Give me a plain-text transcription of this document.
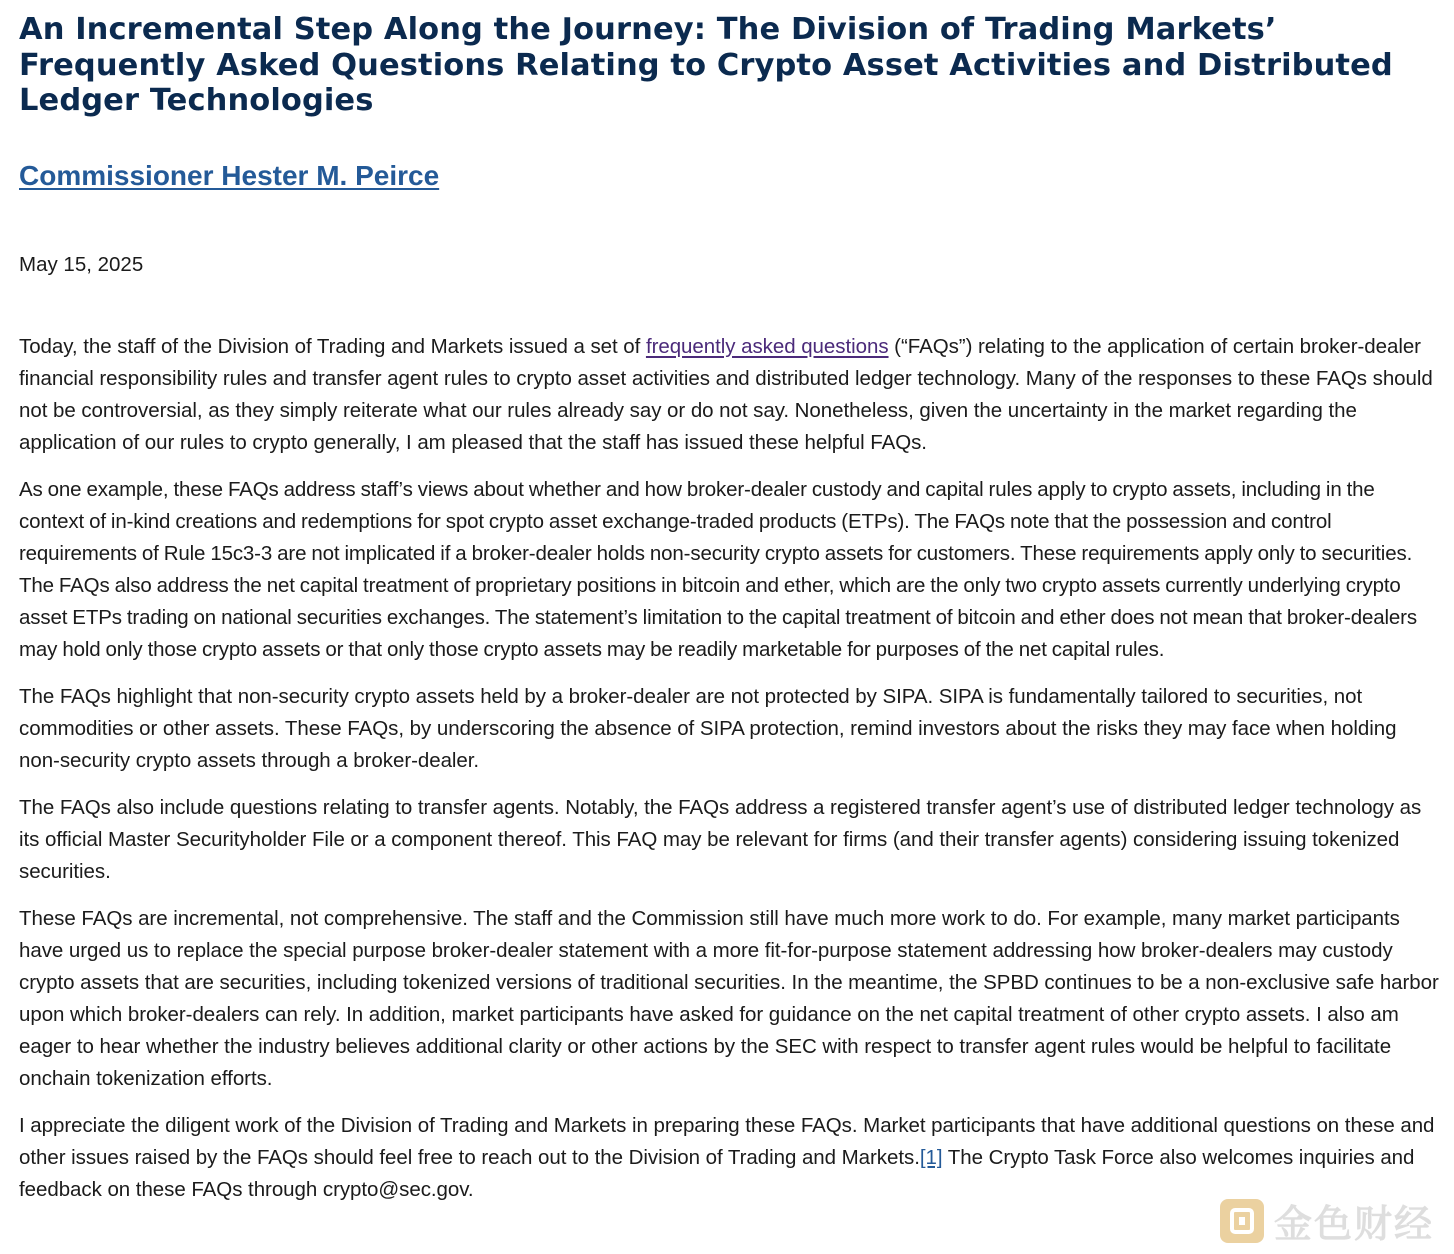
An Incremental Step Along the Journey: The Division of Trading Markets’ Frequently Asked Questions Relating to Crypto Asset Activities and Distributed Ledger Technologies
Commissioner Hester M. Peirce
May 15, 2025

Today, the staff of the Division of Trading and Markets issued a set of frequently asked questions (“FAQs”) relating to the application of certain broker-dealer financial responsibility rules and transfer agent rules to crypto asset activities and distributed ledger technology. Many of the responses to these FAQs should not be controversial, as they simply reiterate what our rules already say or do not say. Nonetheless, given the uncertainty in the market regarding the application of our rules to crypto generally, I am pleased that the staff has issued these helpful FAQs.

As one example, these FAQs address staff’s views about whether and how broker-dealer custody and capital rules apply to crypto assets, including in the context of in-kind creations and redemptions for spot crypto asset exchange-traded products (ETPs). The FAQs note that the possession and control requirements of Rule 15c3-3 are not implicated if a broker-dealer holds non-security crypto assets for customers. These requirements apply only to securities. The FAQs also address the net capital treatment of proprietary positions in bitcoin and ether, which are the only two crypto assets currently underlying crypto asset ETPs trading on national securities exchanges. The statement’s limitation to the capital treatment of bitcoin and ether does not mean that broker-dealers may hold only those crypto assets or that only those crypto assets may be readily marketable for purposes of the net capital rules.

The FAQs highlight that non-security crypto assets held by a broker-dealer are not protected by SIPA. SIPA is fundamentally tailored to securities, not commodities or other assets. These FAQs, by underscoring the absence of SIPA protection, remind investors about the risks they may face when holding non-security crypto assets through a broker-dealer.

The FAQs also include questions relating to transfer agents. Notably, the FAQs address a registered transfer agent’s use of distributed ledger technology as its official Master Securityholder File or a component thereof. This FAQ may be relevant for firms (and their transfer agents) considering issuing tokenized securities.

These FAQs are incremental, not comprehensive. The staff and the Commission still have much more work to do. For example, many market participants have urged us to replace the special purpose broker-dealer statement with a more fit-for-purpose statement addressing how broker-dealers may custody crypto assets that are securities, including tokenized versions of traditional securities. In the meantime, the SPBD continues to be a non-exclusive safe harbor upon which broker-dealers can rely. In addition, market participants have asked for guidance on the net capital treatment of other crypto assets. I also am eager to hear whether the industry believes additional clarity or other actions by the SEC with respect to transfer agent rules would be helpful to facilitate onchain tokenization efforts.

I appreciate the diligent work of the Division of Trading and Markets in preparing these FAQs. Market participants that have additional questions on these and other issues raised by the FAQs should feel free to reach out to the Division of Trading and Markets.[1] The Crypto Task Force also welcomes inquiries and feedback on these FAQs through crypto@sec.gov.

金色财经
